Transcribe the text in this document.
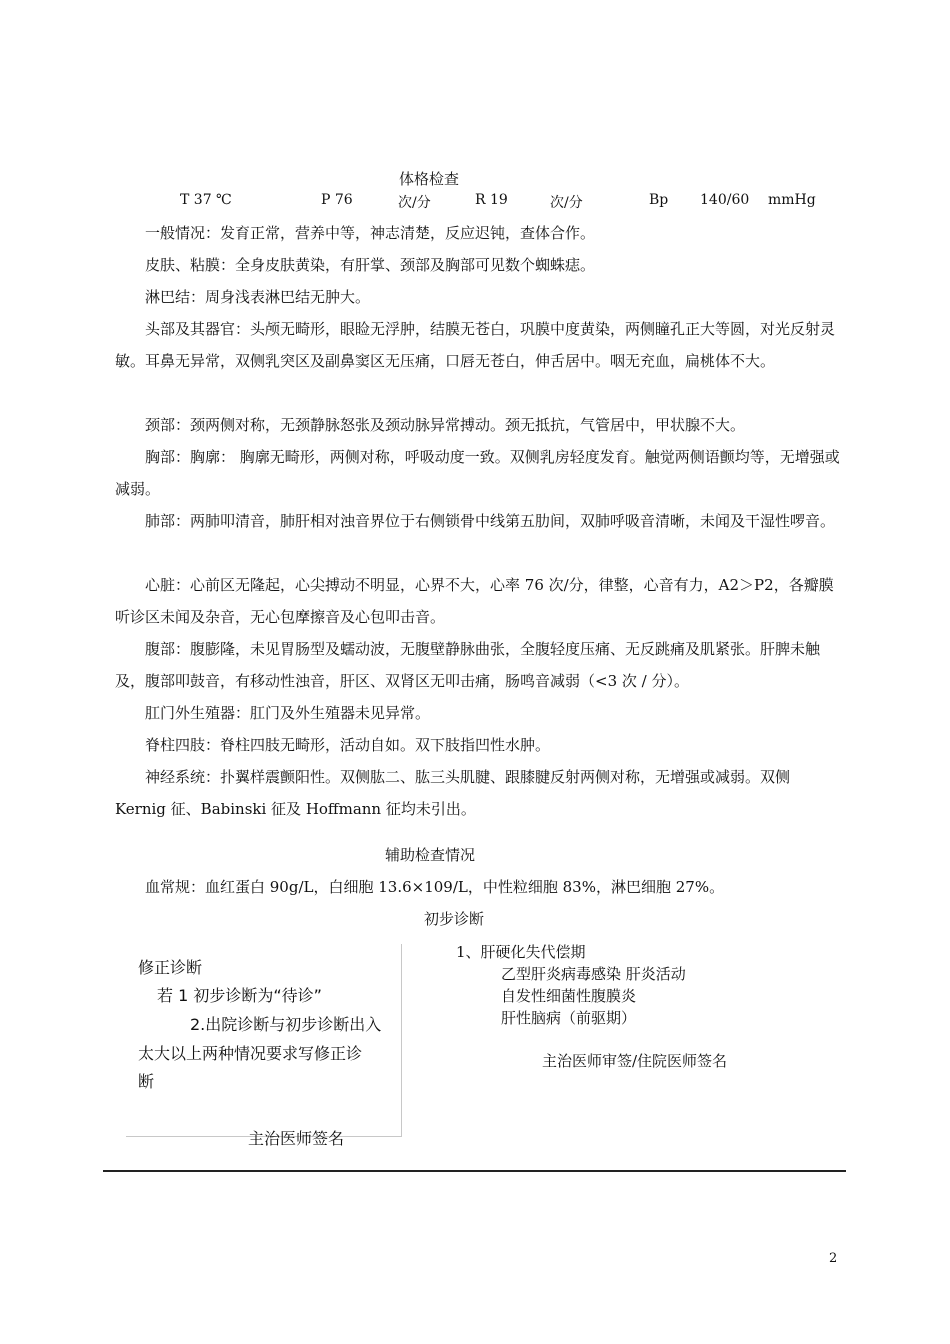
体格检查
T 37 ℃	P 76	次/分	R 19	次/分	Bp 140/60 mmHg
一般情况：发育正常，营养中等，神志清楚，反应迟钝，查体合作。
皮肤、粘膜：全身皮肤黄染，有肝掌、颈部及胸部可见数个蜘蛛痣。
淋巴结：周身浅表淋巴结无肿大。
头部及其器官：头颅无畸形，眼睑无浮肿，结膜无苍白，巩膜中度黄染，两侧瞳孔正大等圆，对光反射灵敏。耳鼻无异常，双侧乳突区及副鼻窦区无压痛，口唇无苍白，伸舌居中。咽无充血，扁桃体不大。
颈部：颈两侧对称，无颈静脉怒张及颈动脉异常搏动。颈无抵抗，气管居中，甲状腺不大。
胸部：胸廓： 胸廓无畸形，两侧对称，呼吸动度一致。双侧乳房轻度发育。触觉两侧语颤均等，无增强或减弱。
肺部：两肺叩清音，肺肝相对浊音界位于右侧锁骨中线第五肋间，双肺呼吸音清晰，未闻及干湿性啰音。
心脏：心前区无隆起，心尖搏动不明显，心界不大，心率 76 次/分，律整，心音有力，A2＞P2，各瓣膜听诊区未闻及杂音，无心包摩擦音及心包叩击音。
腹部：腹膨隆，未见胃肠型及蠕动波，无腹壁静脉曲张，全腹轻度压痛、无反跳痛及肌紧张。肝脾未触及，腹部叩鼓音，有移动性浊音，肝区、双肾区无叩击痛，肠鸣音减弱（<3 次 / 分）。
肛门外生殖器：肛门及外生殖器未见异常。
脊柱四肢：脊柱四肢无畸形，活动自如。双下肢指凹性水肿。
神经系统：扑翼样震颤阳性。双侧肱二、肱三头肌腱、跟膝腱反射两侧对称，无增强或减弱。双侧 Kernig 征、Babinski 征及 Hoffmann 征均未引出。
辅助检查情况
血常规：血红蛋白 90g/L，白细胞 13.6×109/L，中性粒细胞 83%，淋巴细胞 27%。
初步诊断
修正诊断
若 1 初步诊断为“待诊”
2.出院诊断与初步诊断出入
太大以上两种情况要求写修正诊
断
主治医师签名
1、肝硬化失代偿期
乙型肝炎病毒感染 肝炎活动
自发性细菌性腹膜炎
肝性脑病（前驱期）
主治医师审签/住院医师签名
2
